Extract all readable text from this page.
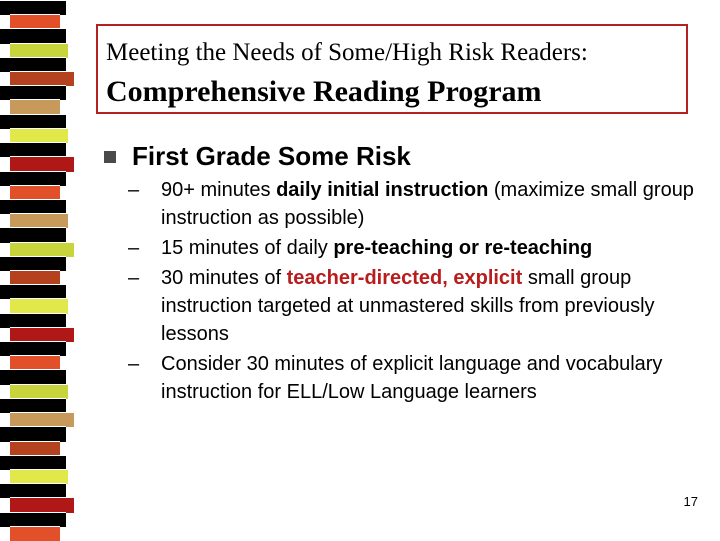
Meeting the Needs of Some/High Risk Readers:
Comprehensive Reading Program
First Grade Some Risk
– 90+ minutes daily initial instruction (maximize small group instruction as possible)
– 15 minutes of daily pre-teaching or re-teaching
– 30 minutes of teacher-directed, explicit small group instruction targeted at unmastered skills from previously lessons
– Consider 30 minutes of explicit language and vocabulary instruction for ELL/Low Language learners
17
